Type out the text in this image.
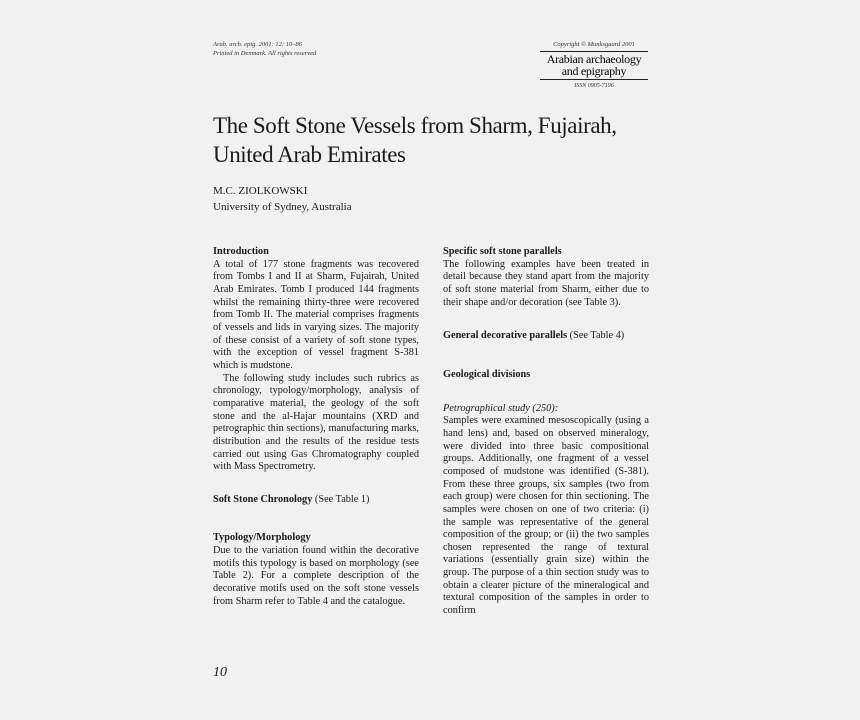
Arab. arch. epig. 2001: 12: 10–86
Printed in Denmark. All rights reserved
Copyright © Munksgaard 2001
Arabian archaeology
and epigraphy
ISSN 0905-7196
The Soft Stone Vessels from Sharm, Fujairah,
United Arab Emirates
M.C. ZIOLKOWSKI
University of Sydney, Australia
Introduction

A total of 177 stone fragments was recovered from Tombs I and II at Sharm, Fujairah, United Arab Emirates. Tomb I produced 144 fragments whilst the remaining thirty-three were recovered from Tomb II. The material comprises fragments of vessels and lids in varying sizes. The majority of these consist of a variety of soft stone types, with the exception of vessel fragment S-381 which is mudstone.

The following study includes such rubrics as chronology, typology/morphology, analysis of comparative material, the geology of the soft stone and the al-Hajar mountains (XRD and petrographic thin sections), manufacturing marks, distribution and the results of the residue tests carried out using Gas Chromatography coupled with Mass Spectrometry.

Soft Stone Chronology (See Table 1)

Typology/Morphology

Due to the variation found within the decorative motifs this typology is based on morphology (see Table 2). For a complete description of the decorative motifs used on the soft stone vessels from Sharm refer to Table 4 and the catalogue.

Specific soft stone parallels

The following examples have been treated in detail because they stand apart from the majority of soft stone material from Sharm, either due to their shape and/or decoration (see Table 3).

General decorative parallels (See Table 4)

Geological divisions

Petrographical study (250):

Samples were examined mesoscopically (using a hand lens) and, based on observed mineralogy, were divided into three basic compositional groups. Additionally, one fragment of a vessel composed of mudstone was identified (S-381). From these three groups, six samples (two from each group) were chosen for thin sectioning. The samples were chosen on one of two criteria: (i) the sample was representative of the general composition of the group; or (ii) the two samples chosen represented the range of textural variations (essentially grain size) within the group. The purpose of a thin section study was to obtain a clearer picture of the mineralogical and textural composition of the samples in order to confirm

10
